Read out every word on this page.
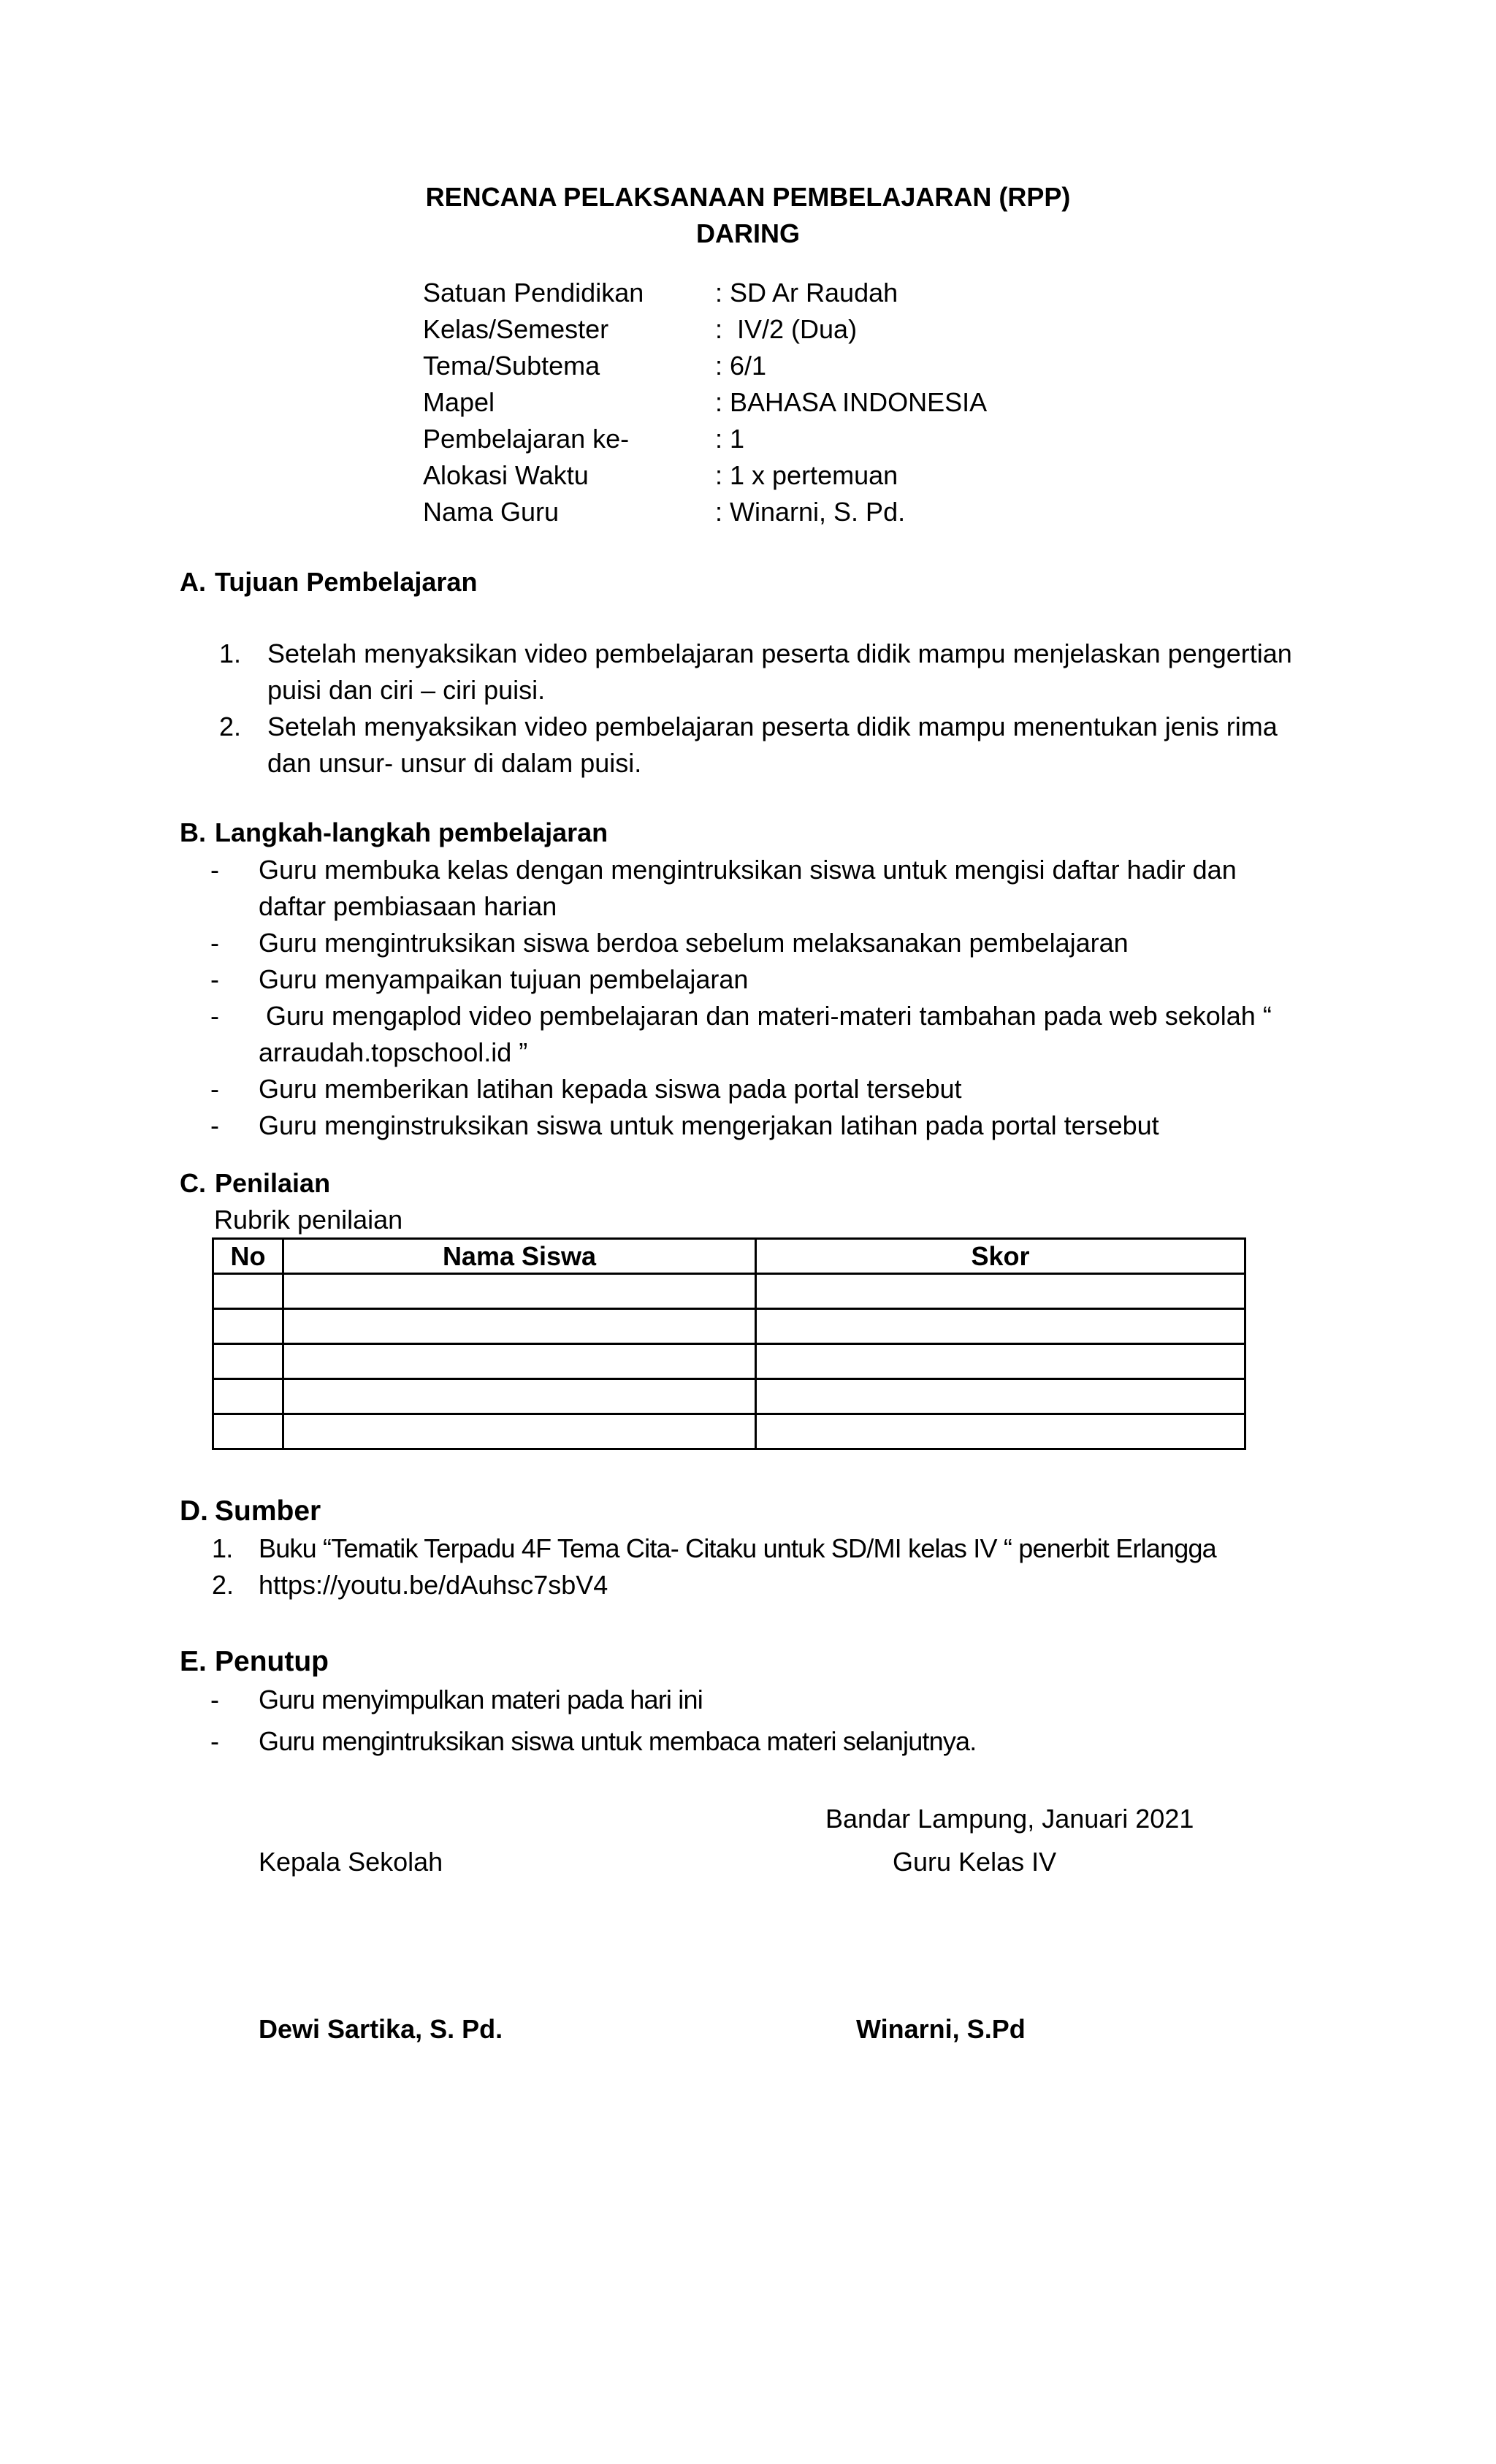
RENCANA PELAKSANAAN PEMBELAJARAN (RPP)
DARING
Satuan Pendidikan	: SD Ar Raudah
Kelas/Semester	:  IV/2 (Dua)
Tema/Subtema	: 6/1
Mapel	: BAHASA INDONESIA
Pembelajaran ke-	: 1
Alokasi Waktu	: 1 x pertemuan
Nama Guru	: Winarni, S. Pd.
A. Tujuan Pembelajaran
1. Setelah menyaksikan video pembelajaran peserta didik mampu menjelaskan pengertian
puisi dan ciri – ciri puisi.
2. Setelah menyaksikan video pembelajaran peserta didik mampu menentukan jenis rima
dan unsur- unsur di dalam puisi.
B. Langkah-langkah pembelajaran
- Guru membuka kelas dengan mengintruksikan siswa untuk mengisi daftar hadir dan
daftar pembiasaan harian
- Guru mengintruksikan siswa berdoa sebelum melaksanakan pembelajaran
- Guru menyampaikan tujuan pembelajaran
- Guru mengaplod video pembelajaran dan materi-materi tambahan pada web sekolah “
arraudah.topschool.id ”
- Guru memberikan latihan kepada siswa pada portal tersebut
- Guru menginstruksikan siswa untuk mengerjakan latihan pada portal tersebut
C. Penilaian
Rubrik penilaian
No	Nama Siswa	Skor

D. Sumber
1. Buku “Tematik Terpadu 4F Tema Cita- Citaku untuk SD/MI kelas IV “ penerbit Erlangga
2. https://youtu.be/dAuhsc7sbV4
E. Penutup
- Guru menyimpulkan materi pada hari ini
- Guru mengintruksikan siswa untuk membaca materi selanjutnya.
Bandar Lampung, Januari 2021
Kepala Sekolah	Guru Kelas IV
Dewi Sartika, S. Pd.	Winarni, S.Pd
